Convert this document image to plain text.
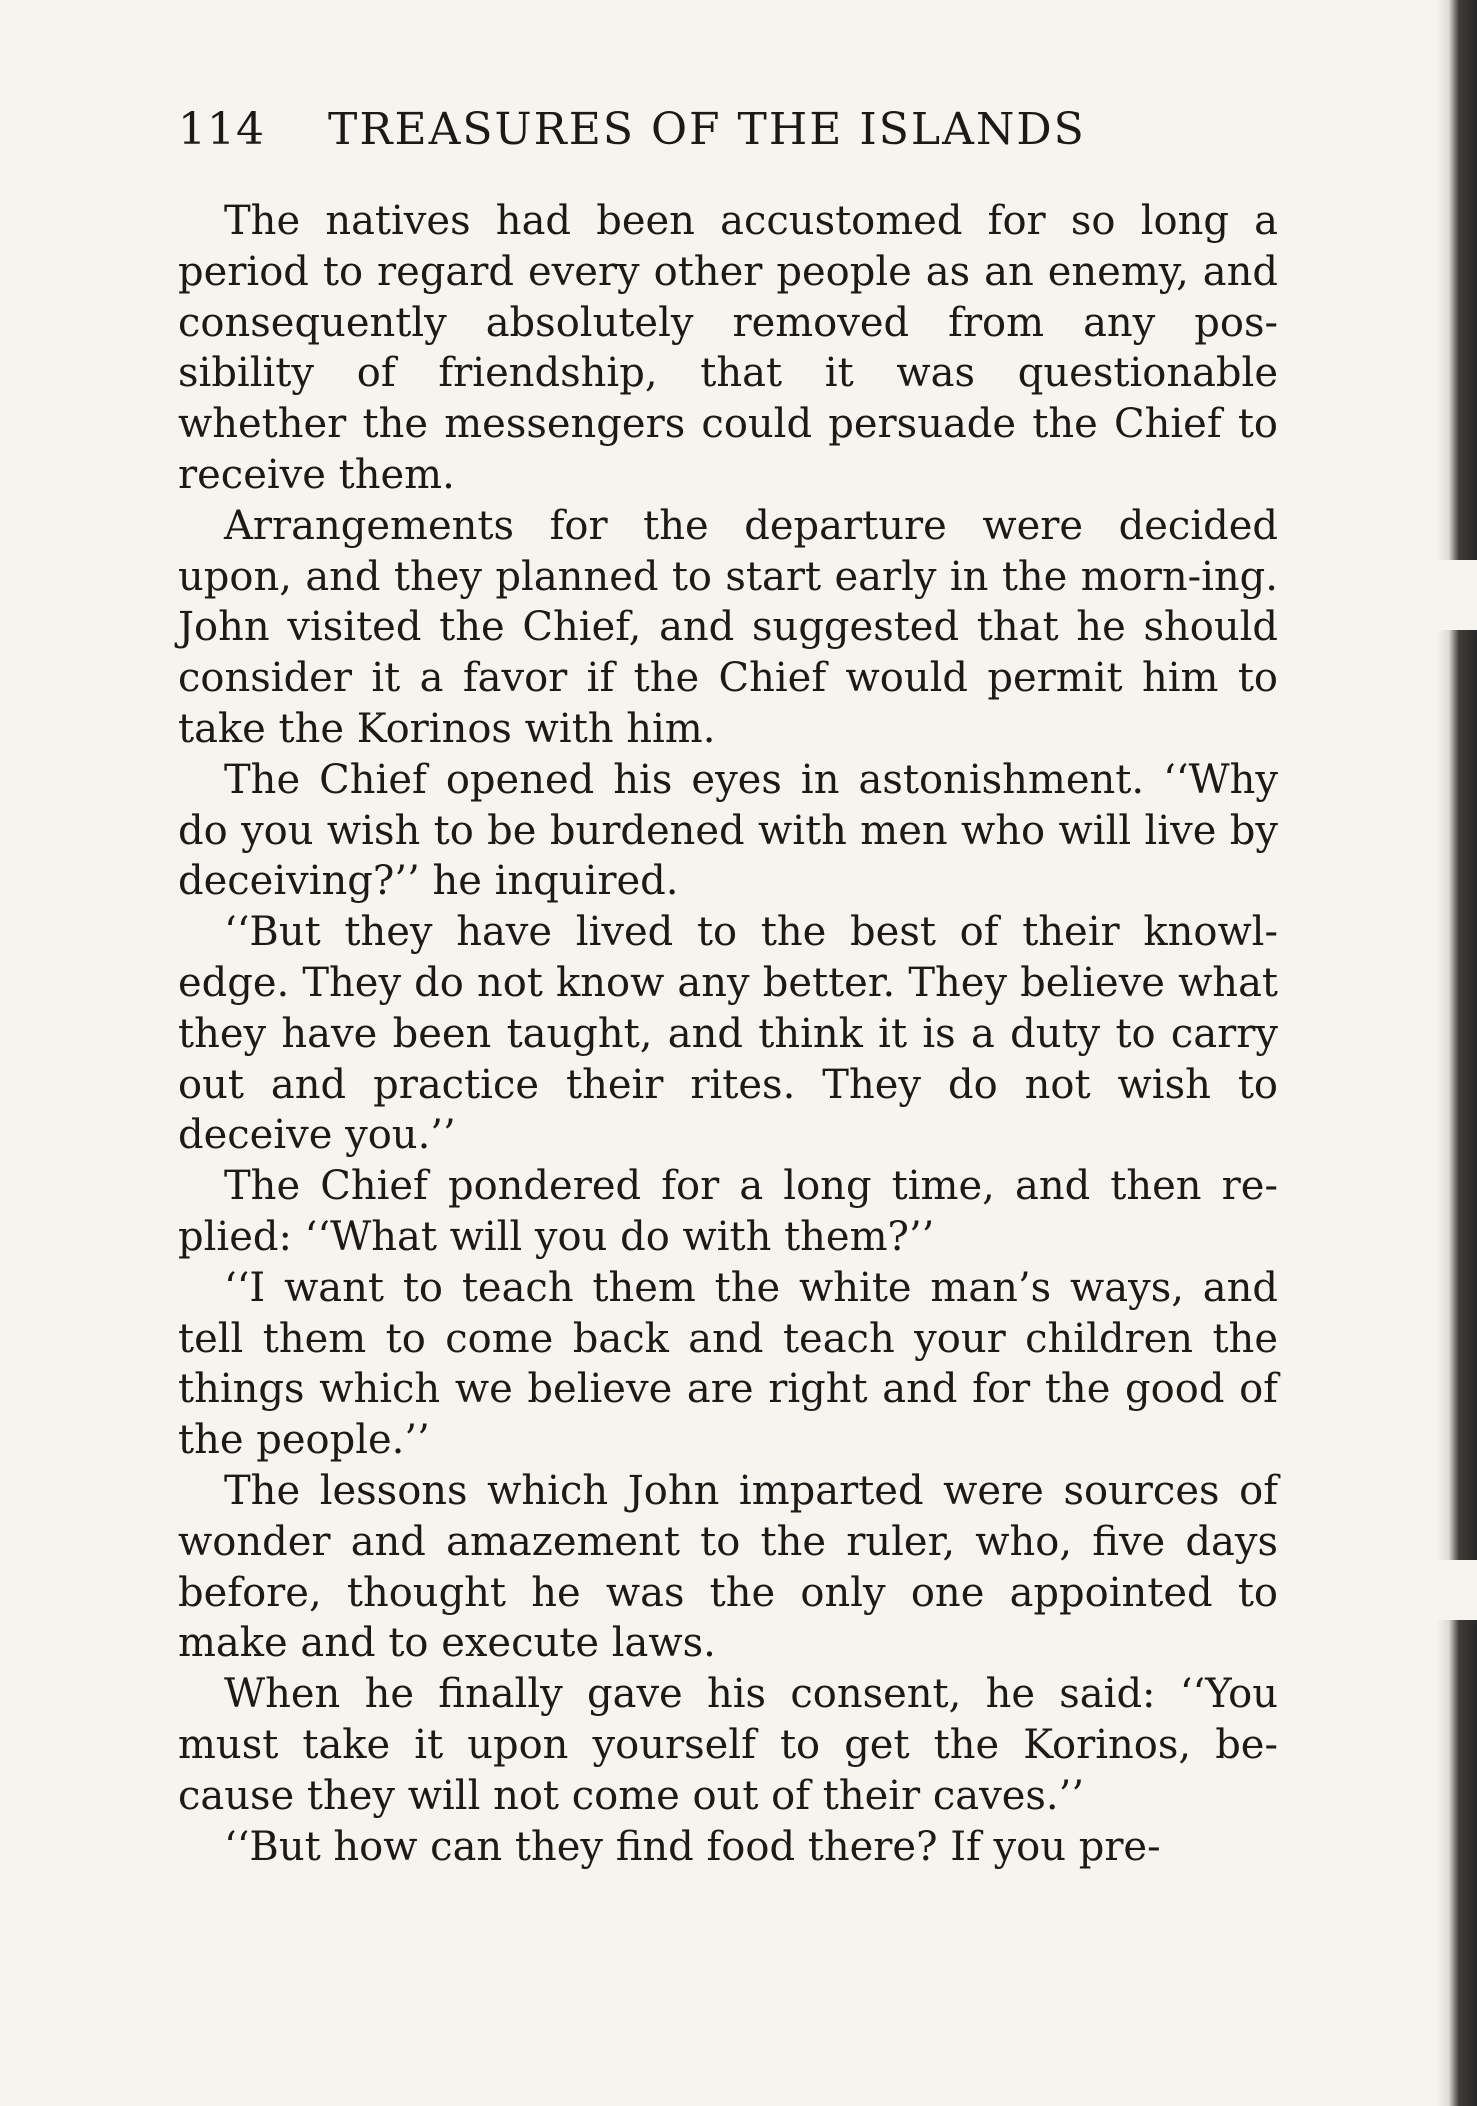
114 TREASURES OF THE ISLANDS

The natives had been accustomed for so long a period to regard every other people as an enemy, and consequently absolutely removed from any pos-sibility of friendship, that it was questionable whether the messengers could persuade the Chief to receive them.

Arrangements for the departure were decided upon, and they planned to start early in the morn-ing. John visited the Chief, and suggested that he should consider it a favor if the Chief would permit him to take the Korinos with him.

The Chief opened his eyes in astonishment. ‘‘Why do you wish to be burdened with men who will live by deceiving?’’ he inquired.

‘‘But they have lived to the best of their knowl-edge. They do not know any better. They believe what they have been taught, and think it is a duty to carry out and practice their rites. They do not wish to deceive you.’’

The Chief pondered for a long time, and then re-plied: ‘‘What will you do with them?’’

‘‘I want to teach them the white man’s ways, and tell them to come back and teach your children the things which we believe are right and for the good of the people.’’

The lessons which John imparted were sources of wonder and amazement to the ruler, who, five days before, thought he was the only one appointed to make and to execute laws.

When he finally gave his consent, he said: ‘‘You must take it upon yourself to get the Korinos, be-cause they will not come out of their caves.’’

‘‘But how can they find food there? If you pre-
